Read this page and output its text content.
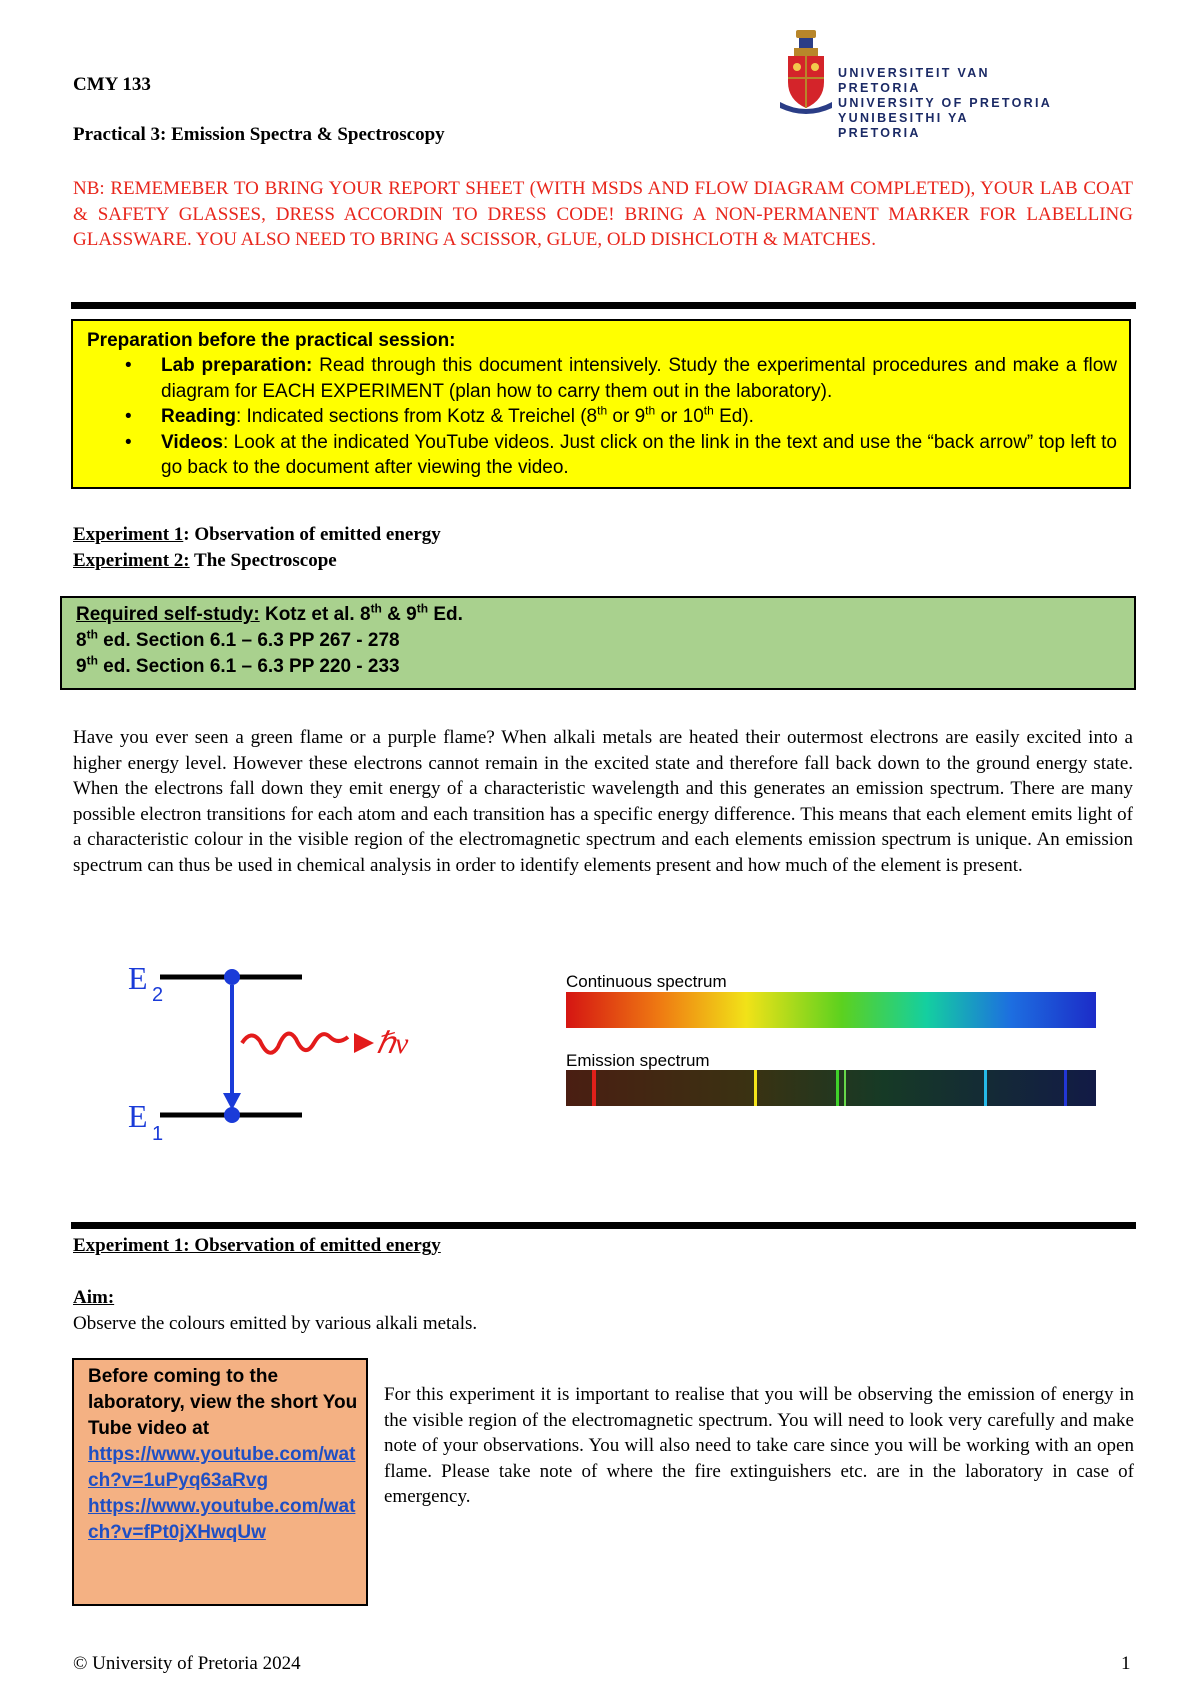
CMY 133
Practical 3: Emission Spectra & Spectroscopy
UNIVERSITEIT VAN PRETORIA
UNIVERSITY OF PRETORIA
YUNIBESITHI YA PRETORIA
NB: REMEMEBER TO BRING YOUR REPORT SHEET (WITH MSDS AND FLOW DIAGRAM COMPLETED), YOUR LAB COAT & SAFETY GLASSES, DRESS ACCORDIN TO DRESS CODE! BRING A NON-PERMANENT MARKER FOR LABELLING GLASSWARE. YOU ALSO NEED TO BRING A SCISSOR, GLUE, OLD DISHCLOTH & MATCHES.
Preparation before the practical session:
• Lab preparation: Read through this document intensively. Study the experimental procedures and make a flow diagram for EACH EXPERIMENT (plan how to carry them out in the laboratory).
• Reading: Indicated sections from Kotz & Treichel (8th or 9th or 10th Ed).
• Videos: Look at the indicated YouTube videos. Just click on the link in the text and use the “back arrow” top left to go back to the document after viewing the video.
Experiment 1: Observation of emitted energy
Experiment 2: The Spectroscope
Required self-study: Kotz et al. 8th & 9th Ed.
8th ed. Section 6.1 – 6.3 PP 267 - 278
9th ed. Section 6.1 – 6.3 PP 220 - 233
Have you ever seen a green flame or a purple flame? When alkali metals are heated their outermost electrons are easily excited into a higher energy level. However these electrons cannot remain in the excited state and therefore fall back down to the ground energy state. When the electrons fall down they emit energy of a characteristic wavelength and this generates an emission spectrum. There are many possible electron transitions for each atom and each transition has a specific energy difference. This means that each element emits light of a characteristic colour in the visible region of the electromagnetic spectrum and each elements emission spectrum is unique. An emission spectrum can thus be used in chemical analysis in order to identify elements present and how much of the element is present.
E 2
E 1
ℏν
Continuous spectrum
Emission spectrum
Experiment 1: Observation of emitted energy
Aim:
Observe the colours emitted by various alkali metals.
Before coming to the laboratory, view the short You Tube video at
https://www.youtube.com/watch?v=1uPyq63aRvg
https://www.youtube.com/watch?v=fPt0jXHwqUw
For this experiment it is important to realise that you will be observing the emission of energy in the visible region of the electromagnetic spectrum. You will need to look very carefully and make note of your observations. You will also need to take care since you will be working with an open flame. Please take note of where the fire extinguishers etc. are in the laboratory in case of emergency.
© University of Pretoria 2024	1
